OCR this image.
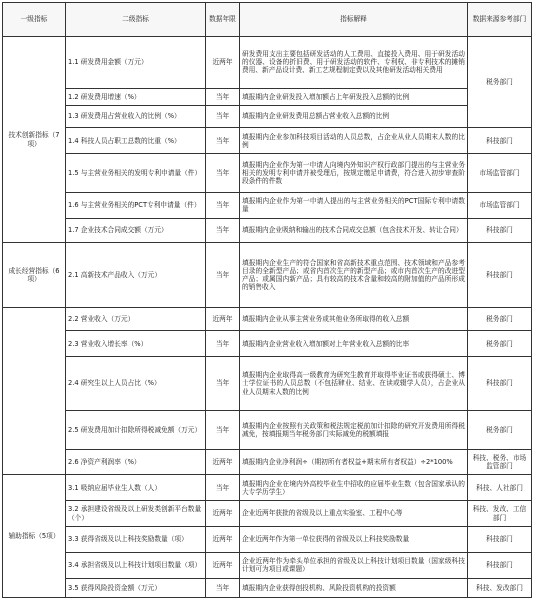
一级指标	二级指标	数据年限	指标解释	数据来源参考部门
技术创新指标（7项）	1.1 研发费用金额（万元）	近两年	研发费用支出主要包括研发活动的人工费用、直接投入费用、用于研发活动的仪器、设备的折旧费、用于研发活动的软件、专利权、非专利技术的摊销费用、新产品设计费、新工艺规程制定费以及其他研发活动相关费用	税务部门
	1.2 研发费用增速（%）	当年	填报期内企业研发投入增加额占上年研发投入总额的比例	
	1.3 研发费用占营业收入的比例（%）	当年	填报期内企业研发费用总额占营业收入总额的比例	
	1.4 科技人员占职工总数的比重（%）	当年	填报期内企业参加科技项目活动的人员总数，占企业从业人员期末人数的比例	科技部门
	1.5 与主营业务相关的发明专利申请量（件）	当年	填报期内企业作为第一申请人向境内外知识产权行政部门提出的与主营业务相关的发明专利申请并被受理后，按规定缴足申请费，符合进入初步审查阶段条件的件数	市场监管部门
	1.6 与主营业务相关的PCT专利申请量（件）	当年	填报期内企业作为第一申请人提出的与主营业务相关的PCT国际专利申请数量	市场监管部门
	1.7 企业技术合同成交额（万元）	当年	填报期内企业吸纳和输出的技术合同成交总额（包含技术开发、转让合同）	科技部门
成长经营指标（6项）	2.1 高新技术产品收入（万元）	当年	填报期内企业生产的符合国家和省高新技术重点范围、技术领域和产品参考目录的全新型产品；或省内首次生产的新型产品；或市内首次生产的改进型产品；或属国内新产品；具有较高的技术含量和较高的附加值的产品所形成的销售收入	科技部门
	2.2 营业收入（万元）	近两年	填报期内企业从事主营业务或其他业务所取得的收入总额	税务部门
	2.3 营业收入增长率（%）	当年	填报期内企业营业收入增加额对上年营业收入总额的比率	税务部门
	2.4 研究生以上人员占比（%）	当年	填报期内企业取得高一级教育为研究生教育并取得毕业证书或获得硕士、博士学位证书的人员总数（不包括肄业、结业、在读或辍学人员），占企业从业人员期末人数的比例	科技部门
	2.5 研发费用加计扣除所得税减免额（万元）	当年	填报期内企业按照有关政策和税法规定税前加计扣除的研究开发费用所得税减免，按填报期当年税务部门实际减免的税额填报	税务部门
	2.6 净资产利润率（%）	近两年	填报期内企业净利润÷（期初所有者权益+期末所有者权益）÷2*100%	科技、税务、市场监管部门
辅助指标（5项）	3.1 吸纳应届毕业生人数（人）	当年	填报期内企业在境内外高校毕业生中招收的应届毕业生数（包含国家承认的大专学历学生）	科技、人社部门
	3.2 承担建设省级及以上研发类创新平台数量（个）	近两年	企业近两年获批的省级及以上重点实验室、工程中心等	科技、发改、工信部门
	3.3 获得省级及以上科技奖励数量（项）	近两年	企业近两年作为第一单位获得的省级及以上科技奖励数量	科技部门
	3.4 承担省级及以上科技计划项目数量（项）	近两年	企业近两年作为牵头单位承担的省级及以上科技计划项目数量（国家级科技计划可为项目或课题）	科技部门
	3.5 获得风险投资金额（万元）	当年	填报期内企业获得创投机构、风险投资机构的投资额	科技、发改部门
